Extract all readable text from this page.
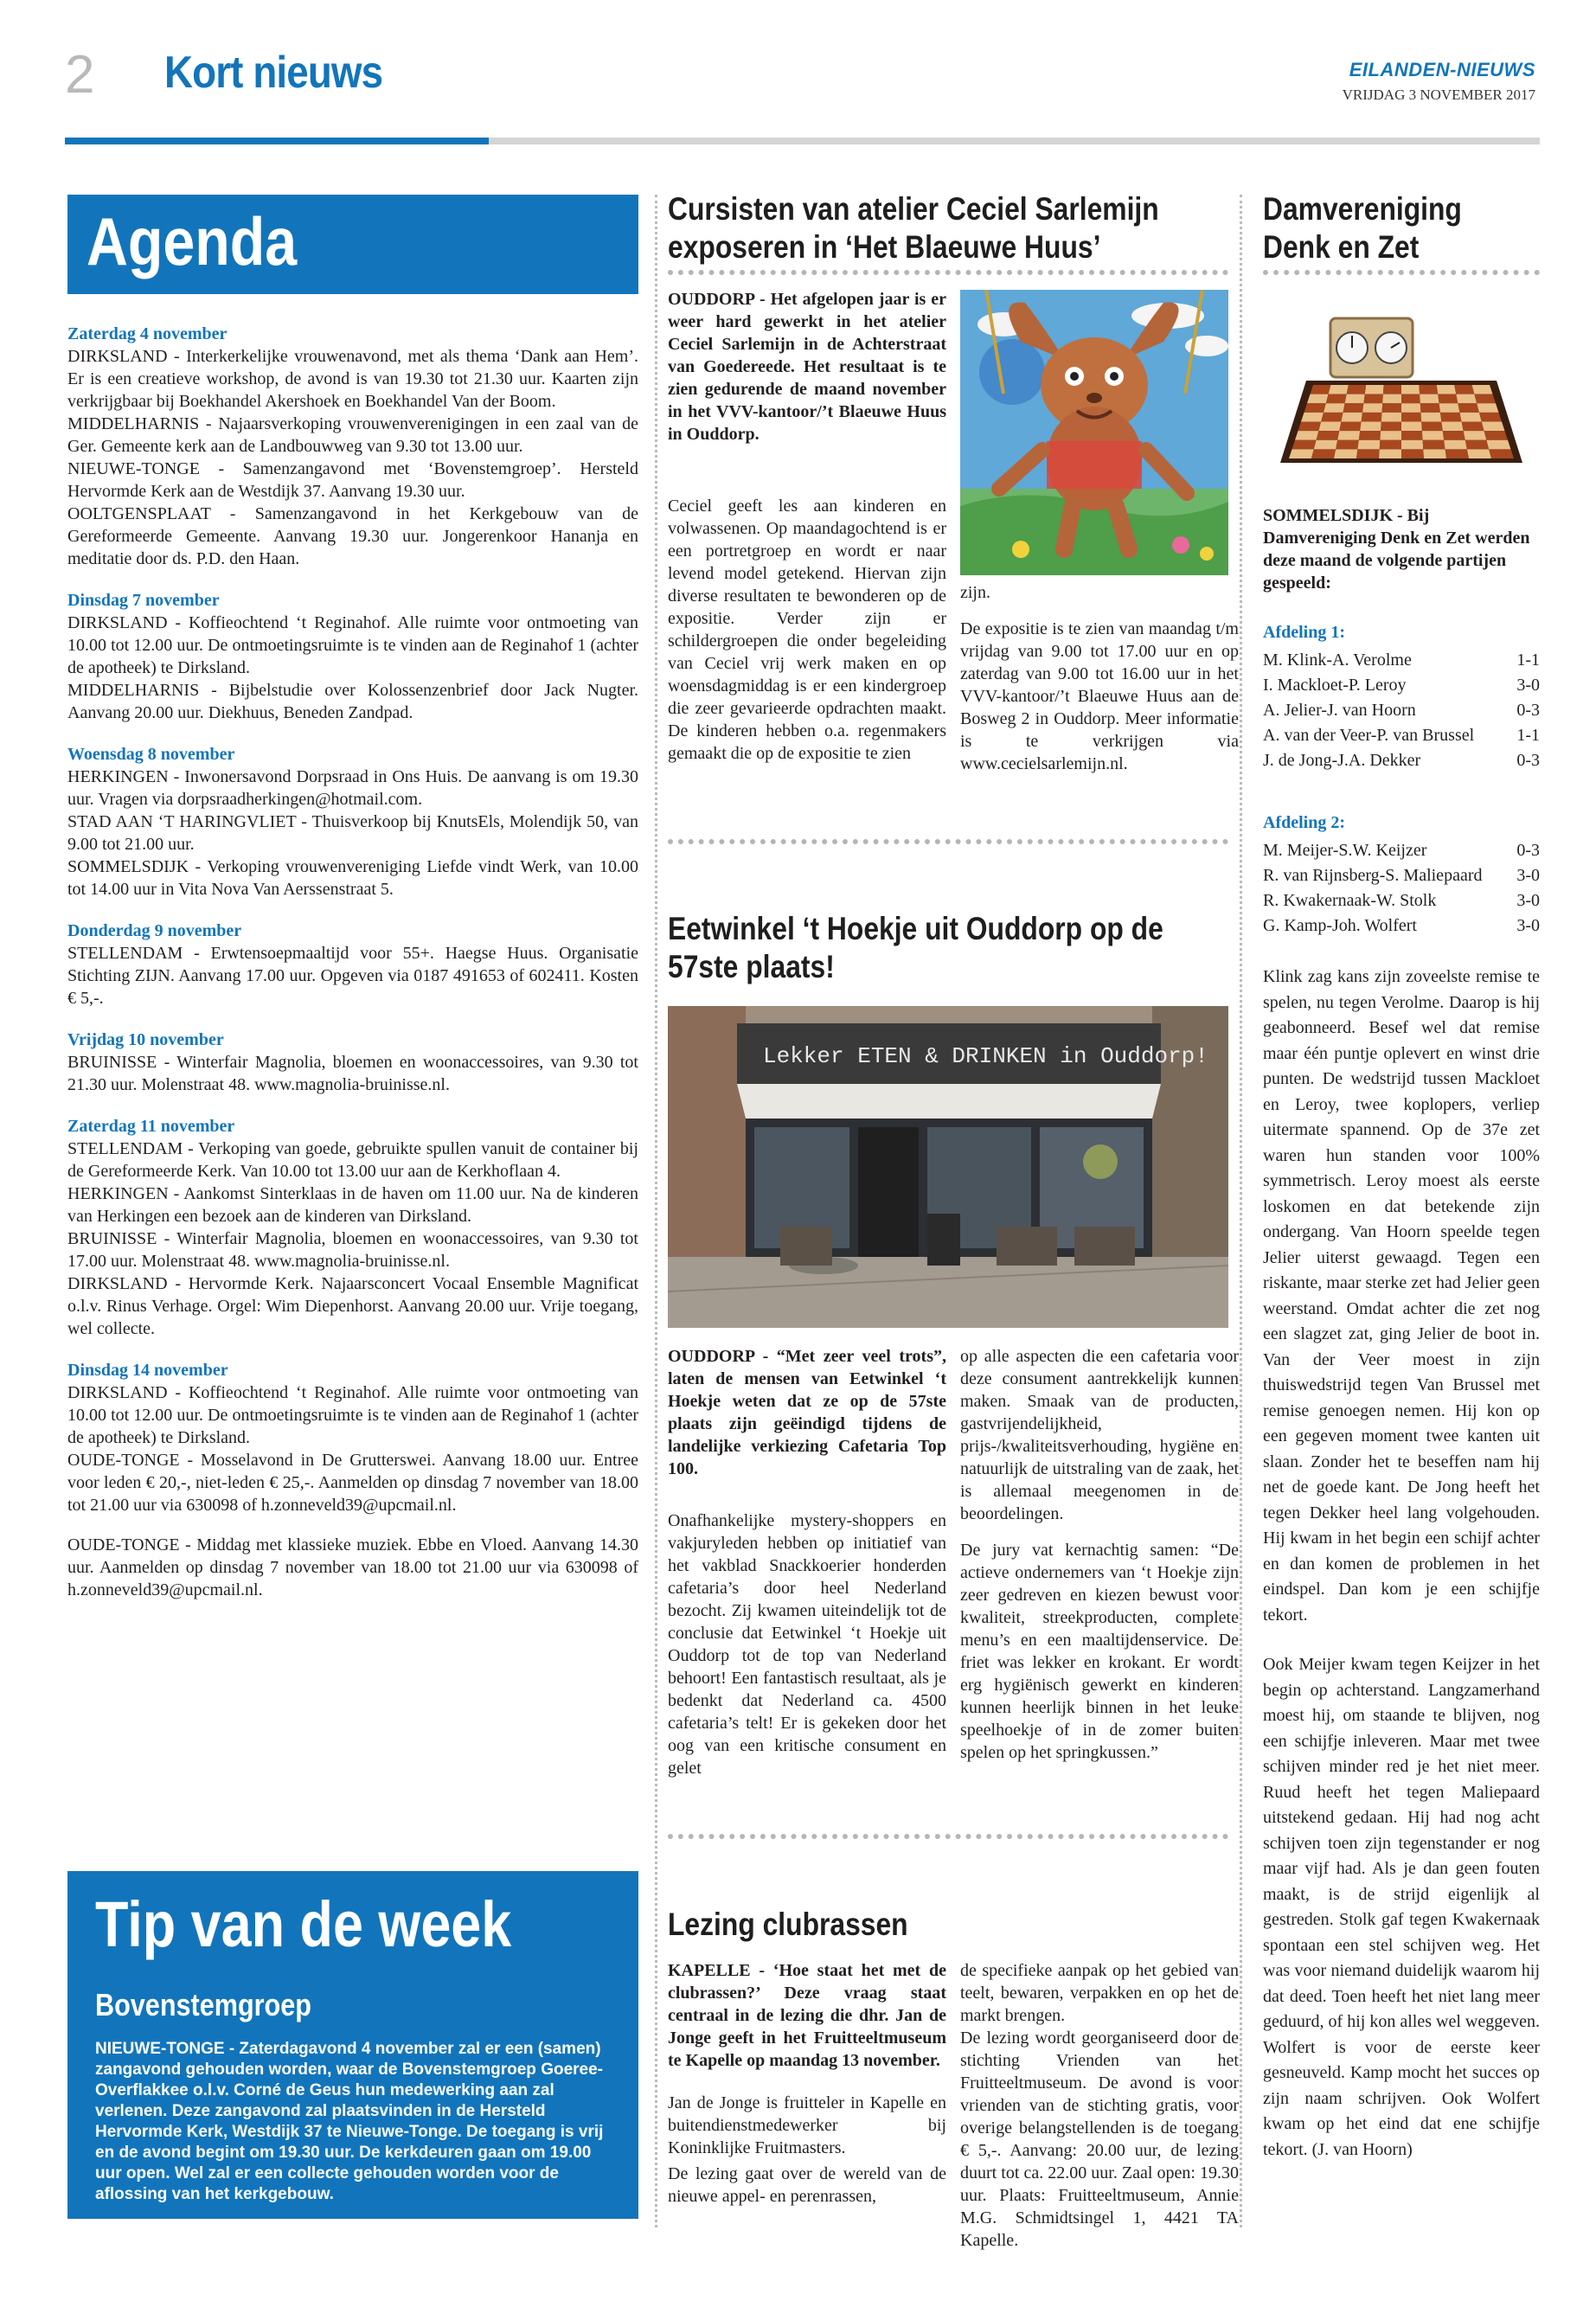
2 Kort nieuws	EILANDEN-NIEUWS
VRIJDAG 3 NOVEMBER 2017
Agenda
Zaterdag 4 november
DIRKSLAND - Interkerkelijke vrouwenavond, met als thema ‘Dank aan Hem’. Er is een creatieve workshop, de avond is van 19.30 tot 21.30 uur. Kaarten zijn verkrijgbaar bij Boekhandel Akershoek en Boekhandel Van der Boom.
MIDDELHARNIS - Najaarsverkoping vrouwenverenigingen in een zaal van de Ger. Gemeente kerk aan de Landbouwweg van 9.30 tot 13.00 uur.
NIEUWE-TONGE - Samenzangavond met ‘Bovenstemgroep’. Hersteld Hervormde Kerk aan de Westdijk 37. Aanvang 19.30 uur.
OOLTGENSPLAAT - Samenzangavond in het Kerkgebouw van de Gereformeerde Gemeente. Aanvang 19.30 uur. Jongerenkoor Hananja en meditatie door ds. P.D. den Haan.
Dinsdag 7 november
DIRKSLAND - Koffieochtend ‘t Reginahof. Alle ruimte voor ontmoeting van 10.00 tot 12.00 uur. De ontmoetingsruimte is te vinden aan de Reginahof 1 (achter de apotheek) te Dirksland.
MIDDELHARNIS - Bijbelstudie over Kolossenzenbrief door Jack Nugter. Aanvang 20.00 uur. Diekhuus, Beneden Zandpad.
Woensdag 8 november
HERKINGEN - Inwonersavond Dorpsraad in Ons Huis. De aanvang is om 19.30 uur. Vragen via dorpsraadherkingen@hotmail.com.
STAD AAN ‘T HARINGVLIET - Thuisverkoop bij KnutsEls, Molendijk 50, van 9.00 tot 21.00 uur.
SOMMELSDIJK - Verkoping vrouwenvereniging Liefde vindt Werk, van 10.00 tot 14.00 uur in Vita Nova Van Aerssenstraat 5.
Donderdag 9 november
STELLENDAM - Erwtensoepmaaltijd voor 55+. Haegse Huus. Organisatie Stichting ZIJN. Aanvang 17.00 uur. Opgeven via 0187 491653 of 602411. Kosten € 5,-.
Vrijdag 10 november
BRUINISSE - Winterfair Magnolia, bloemen en woonaccessoires, van 9.30 tot 21.30 uur. Molenstraat 48. www.magnolia-bruinisse.nl.
Zaterdag 11 november
STELLENDAM - Verkoping van goede, gebruikte spullen vanuit de container bij de Gereformeerde Kerk. Van 10.00 tot 13.00 uur aan de Kerkhoflaan 4.
HERKINGEN - Aankomst Sinterklaas in de haven om 11.00 uur. Na de kinderen van Herkingen een bezoek aan de kinderen van Dirksland.
BRUINISSE - Winterfair Magnolia, bloemen en woonaccessoires, van 9.30 tot 17.00 uur. Molenstraat 48. www.magnolia-bruinisse.nl.
DIRKSLAND - Hervormde Kerk. Najaarsconcert Vocaal Ensemble Magnificat o.l.v. Rinus Verhage. Orgel: Wim Diepenhorst. Aanvang 20.00 uur. Vrije toegang, wel collecte.
Dinsdag 14 november
DIRKSLAND - Koffieochtend ‘t Reginahof. Alle ruimte voor ontmoeting van 10.00 tot 12.00 uur. De ontmoetingsruimte is te vinden aan de Reginahof 1 (achter de apotheek) te Dirksland.
OUDE-TONGE - Mosselavond in De Grutterswei. Aanvang 18.00 uur. Entree voor leden € 20,-, niet-leden € 25,-. Aanmelden op dinsdag 7 november van 18.00 tot 21.00 uur via 630098 of h.zonneveld39@upcmail.nl.
OUDE-TONGE - Middag met klassieke muziek. Ebbe en Vloed. Aanvang 14.30 uur. Aanmelden op dinsdag 7 november van 18.00 tot 21.00 uur via 630098 of h.zonneveld39@upcmail.nl.
Tip van de week
Bovenstemgroep
NIEUWE-TONGE - Zaterdagavond 4 november zal er een (samen) zangavond gehouden worden, waar de Bovenstemgroep Goeree-Overflakkee o.l.v. Corné de Geus hun medewerking aan zal verlenen. Deze zangavond zal plaatsvinden in de Hersteld Hervormde Kerk, Westdijk 37 te Nieuwe-Tonge. De toegang is vrij en de avond begint om 19.30 uur. De kerkdeuren gaan om 19.00 uur open. Wel zal er een collecte gehouden worden voor de aflossing van het kerkgebouw.
Cursisten van atelier Ceciel Sarlemijn exposeren in ‘Het Blaeuwe Huus’
OUDDORP - Het afgelopen jaar is er weer hard gewerkt in het atelier Ceciel Sarlemijn in de Achterstraat van Goedereede. Het resultaat is te zien gedurende de maand november in het VVV-kantoor/’t Blaeuwe Huus in Ouddorp.
Ceciel geeft les aan kinderen en volwassenen. Op maandagochtend is er een portretgroep en wordt er naar levend model getekend. Hiervan zijn diverse resultaten te bewonderen op de expositie. Verder zijn er schildergroepen die onder begeleiding van Ceciel vrij werk maken en op woensdagmiddag is er een kindergroep die zeer gevarieerde opdrachten maakt. De kinderen hebben o.a. regenmakers gemaakt die op de expositie te zien

zijn.

De expositie is te zien van maandag t/m vrijdag van 9.00 tot 17.00 uur en op zaterdag van 9.00 tot 16.00 uur in het VVV-kantoor/’t Blaeuwe Huus aan de Bosweg 2 in Ouddorp. Meer informatie is te verkrijgen via www.cecielsarlemijn.nl.

Eetwinkel ‘t Hoekje uit Ouddorp op de 57ste plaats!
Lekker ETEN & DRINKEN in Ouddorp!
OUDDORP - “Met zeer veel trots”, laten de mensen van Eetwinkel ‘t Hoekje weten dat ze op de 57ste plaats zijn geëindigd tijdens de landelijke verkiezing Cafetaria Top 100.
Onafhankelijke mystery-shoppers en vakjuryleden hebben op initiatief van het vakblad Snackkoerier honderden cafetaria’s door heel Nederland bezocht. Zij kwamen uiteindelijk tot de conclusie dat Eetwinkel ‘t Hoekje uit Ouddorp tot de top van Nederland behoort! Een fantastisch resultaat, als je bedenkt dat Nederland ca. 4500 cafetaria’s telt! Er is gekeken door het oog van een kritische consument en gelet

op alle aspecten die een cafetaria voor deze consument aantrekkelijk kunnen maken. Smaak van de producten, gastvrijendelijkheid, prijs-/kwaliteitsverhouding, hygiëne en natuurlijk de uitstraling van de zaak, het is allemaal meegenomen in de beoordelingen.

De jury vat kernachtig samen: “De actieve ondernemers van ‘t Hoekje zijn zeer gedreven en kiezen bewust voor kwaliteit, streekproducten, complete menu’s en een maaltijdenservice. De friet was lekker en krokant. Er wordt erg hygiënisch gewerkt en kinderen kunnen heerlijk binnen in het leuke speelhoekje of in de zomer buiten spelen op het springkussen.”

Lezing clubrassen
KAPELLE - ‘Hoe staat het met de clubrassen?’ Deze vraag staat centraal in de lezing die dhr. Jan de Jonge geeft in het Fruitteeltmuseum te Kapelle op maandag 13 november.

Jan de Jonge is fruitteler in Kapelle en buitendienstmedewerker bij Koninklijke Fruitmasters.

De lezing gaat over de wereld van de nieuwe appel- en perenrassen,

de specifieke aanpak op het gebied van teelt, bewaren, verpakken en op het de markt brengen.

De lezing wordt georganiseerd door de stichting Vrienden van het Fruitteeltmuseum. De avond is voor vrienden van de stichting gratis, voor overige belangstellenden is de toegang € 5,-. Aanvang: 20.00 uur, de lezing duurt tot ca. 22.00 uur. Zaal open: 19.30 uur. Plaats: Fruitteeltmuseum, Annie M.G. Schmidtsingel 1, 4421 TA Kapelle.

Damvereniging Denk en Zet
SOMMELSDIJK - Bij Damvereniging Denk en Zet werden deze maand de volgende partijen gespeeld:
Afdeling 1:
M. Klink-A. Verolme	1-1
I. Mackloet-P. Leroy	3-0
A. Jelier-J. van Hoorn	0-3
A. van der Veer-P. van Brussel	1-1
J. de Jong-J.A. Dekker	0-3
Afdeling 2:
M. Meijer-S.W. Keijzer	0-3
R. van Rijnsberg-S. Maliepaard	3-0
R. Kwakernaak-W. Stolk	3-0
G. Kamp-Joh. Wolfert	3-0

Klink zag kans zijn zoveelste remise te spelen, nu tegen Verolme. Daarop is hij geabonneerd. Besef wel dat remise maar één puntje oplevert en winst drie punten. De wedstrijd tussen Mackloet en Leroy, twee koplopers, verliep uitermate spannend. Op de 37e zet waren hun standen voor 100% symmetrisch. Leroy moest als eerste loskomen en dat betekende zijn ondergang. Van Hoorn speelde tegen Jelier uiterst gewaagd. Tegen een riskante, maar sterke zet had Jelier geen weerstand. Omdat achter die zet nog een slagzet zat, ging Jelier de boot in. Van der Veer moest in zijn thuiswedstrijd tegen Van Brussel met remise genoegen nemen. Hij kon op een gegeven moment twee kanten uit slaan. Zonder het te beseffen nam hij net de goede kant. De Jong heeft het tegen Dekker heel lang volgehouden. Hij kwam in het begin een schijf achter en dan komen de problemen in het eindspel. Dan kom je een schijfje tekort.

Ook Meijer kwam tegen Keijzer in het begin op achterstand. Langzamerhand moest hij, om staande te blijven, nog een schijfje inleveren. Maar met twee schijven minder red je het niet meer. Ruud heeft het tegen Maliepaard uitstekend gedaan. Hij had nog acht schijven toen zijn tegenstander er nog maar vijf had. Als je dan geen fouten maakt, is de strijd eigenlijk al gestreden. Stolk gaf tegen Kwakernaak spontaan een stel schijven weg. Het was voor niemand duidelijk waarom hij dat deed. Toen heeft het niet lang meer geduurd, of hij kon alles wel weggeven. Wolfert is voor de eerste keer gesneuveld. Kamp mocht het succes op zijn naam schrijven. Ook Wolfert kwam op het eind dat ene schijfje tekort. (J. van Hoorn)
